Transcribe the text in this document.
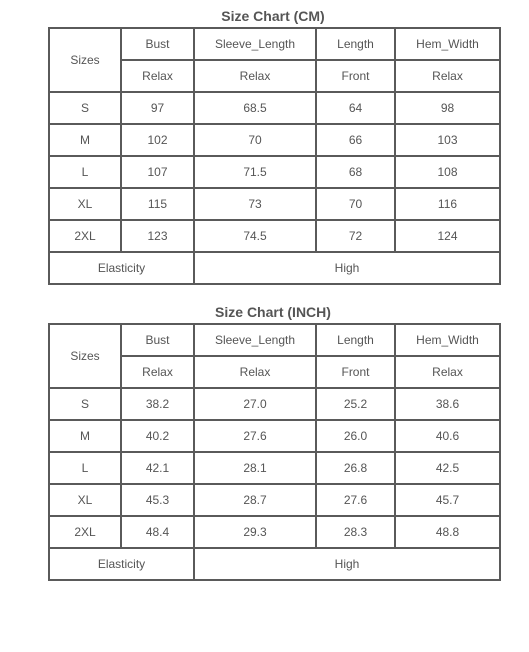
Size Chart (CM)
Sizes	Bust	Sleeve_Length	Length	Hem_Width
	Relax	Relax	Front	Relax
S	97	68.5	64	98
M	102	70	66	103
L	107	71.5	68	108
XL	115	73	70	116
2XL	123	74.5	72	124
Elasticity		High		
Size Chart (INCH)
Sizes	Bust	Sleeve_Length	Length	Hem_Width
	Relax	Relax	Front	Relax
S	38.2	27.0	25.2	38.6
M	40.2	27.6	26.0	40.6
L	42.1	28.1	26.8	42.5
XL	45.3	28.7	27.6	45.7
2XL	48.4	29.3	28.3	48.8
Elasticity		High		
